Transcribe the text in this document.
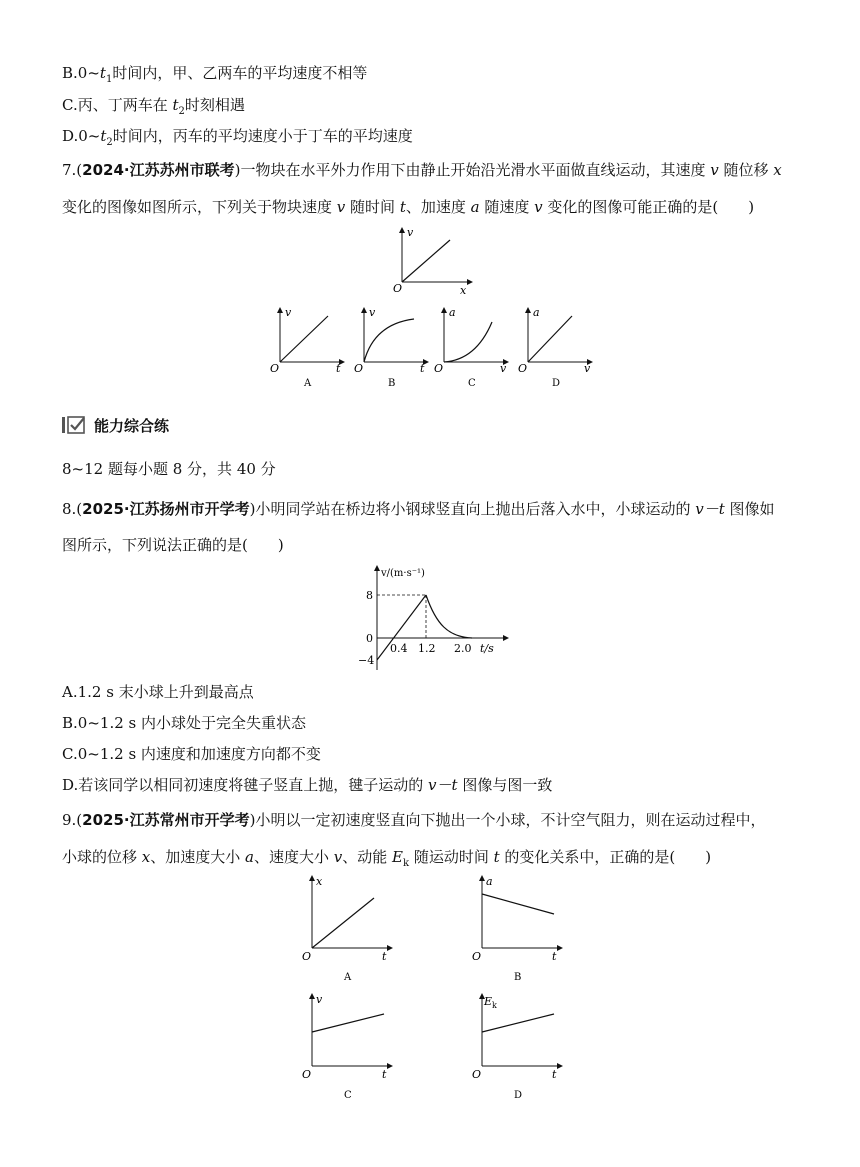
$B.0\sim t_1$时间内，甲、乙两车的平均速度不相等
C.丙、丁两车在 $t_2$时刻相遇
$D.0\sim t_2$时间内，丙车的平均速度小于丁车的平均速度
7.(2024·江苏苏州市联考)一物块在水平外力作用下由静止开始沿光滑水平面做直线运动，其速度 v 随位移 x
变化的图像如图所示，下列关于物块速度 v 随时间 t、加速度 a 随速度 v 变化的图像可能正确的是(　　)
v
O	x
v
O	t
A
v
O	t
B
a
O	v
C
a
O	v
D
能力综合练
8~12 题每小题 8 分，共 40 分
8.(2025·江苏扬州市开学考)小明同学站在桥边将小钢球竖直向上抛出后落入水中，小球运动的 v－t 图像如
图所示，下列说法正确的是(　　)
v/(m·s⁻¹)
8
0
−4
0.4 1.2 2.0 t/s
A.1.2 s 末小球上升到最高点
B.0~1.2 s 内小球处于完全失重状态
C.0~1.2 s 内速度和加速度方向都不变
D.若该同学以相同初速度将毽子竖直上抛，毽子运动的 v－t 图像与图一致
9.(2025·江苏常州市开学考)小明以一定初速度竖直向下抛出一个小球，不计空气阻力，则在运动过程中，
小球的位移 x、加速度大小 a、速度大小 v、动能 $E_k$ 随运动时间 t 的变化关系中，正确的是(　　)
x
O	t
A
a
O	t
B
v
O	t
C
$E_k$
O	t
D
